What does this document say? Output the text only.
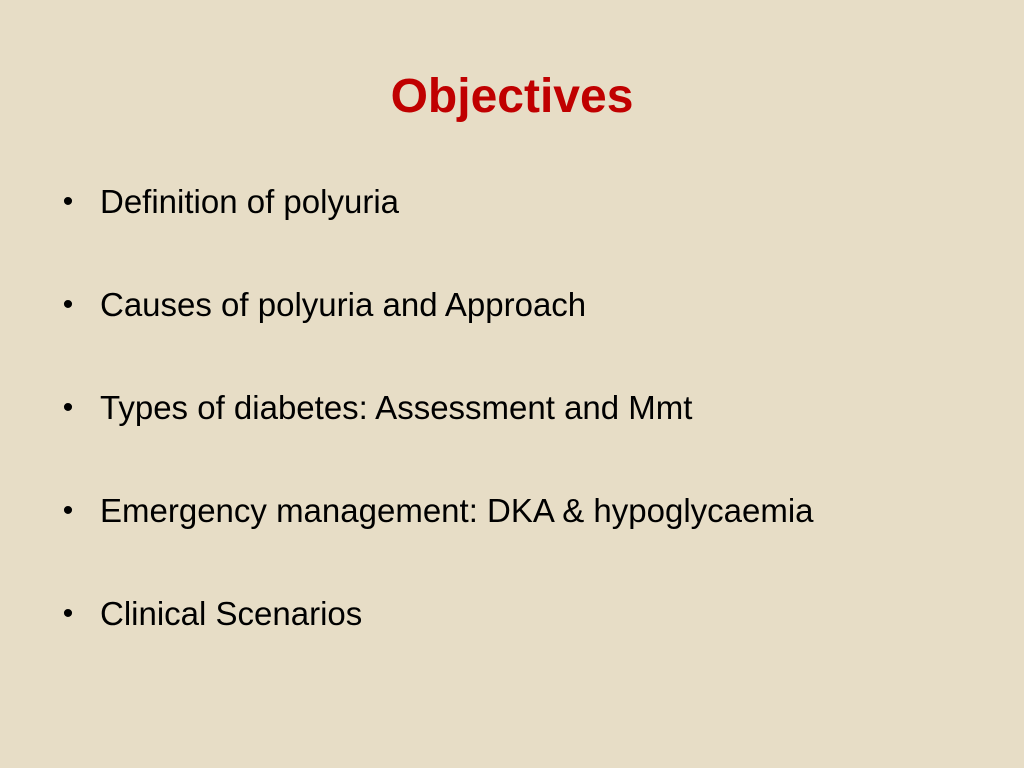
Objectives
• Definition of polyuria
• Causes of polyuria and Approach
• Types of diabetes: Assessment and Mmt
• Emergency management: DKA & hypoglycaemia
• Clinical Scenarios
